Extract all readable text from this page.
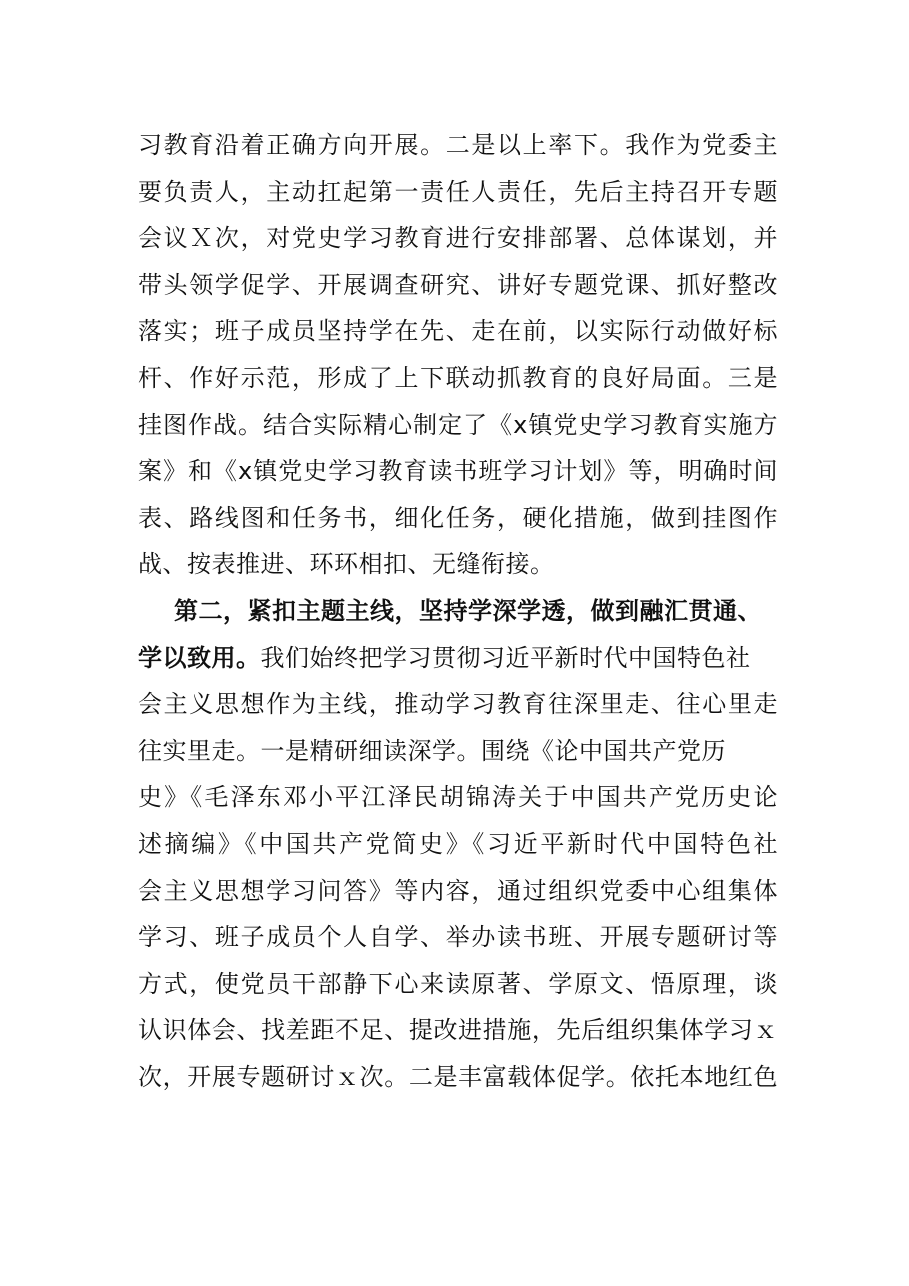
习教育沿着正确方向开展。二是以上率下。我作为党委主
要负责人，主动扛起第一责任人责任，先后主持召开专题
会议Ｘ次，对党史学习教育进行安排部署、总体谋划，并
带头领学促学、开展调查研究、讲好专题党课、抓好整改
落实；班子成员坚持学在先、走在前，以实际行动做好标
杆、作好示范，形成了上下联动抓教育的良好局面。三是
挂图作战。结合实际精心制定了《x镇党史学习教育实施方
案》和《x镇党史学习教育读书班学习计划》等，明确时间
表、路线图和任务书，细化任务，硬化措施，做到挂图作
战、按表推进、环环相扣、无缝衔接。
第二，紧扣主题主线，坚持学深学透，做到融汇贯通、
学以致用。我们始终把学习贯彻习近平新时代中国特色社
会主义思想作为主线，推动学习教育往深里走、往心里走
往实里走。一是精研细读深学。围绕《论中国共产党历
史》《毛泽东邓小平江泽民胡锦涛关于中国共产党历史论
述摘编》《中国共产党简史》《习近平新时代中国特色社
会主义思想学习问答》等内容，通过组织党委中心组集体
学习、班子成员个人自学、举办读书班、开展专题研讨等
方式，使党员干部静下心来读原著、学原文、悟原理，谈
认识体会、找差距不足、提改进措施，先后组织集体学习ｘ
次，开展专题研讨ｘ次。二是丰富载体促学。依托本地红色
